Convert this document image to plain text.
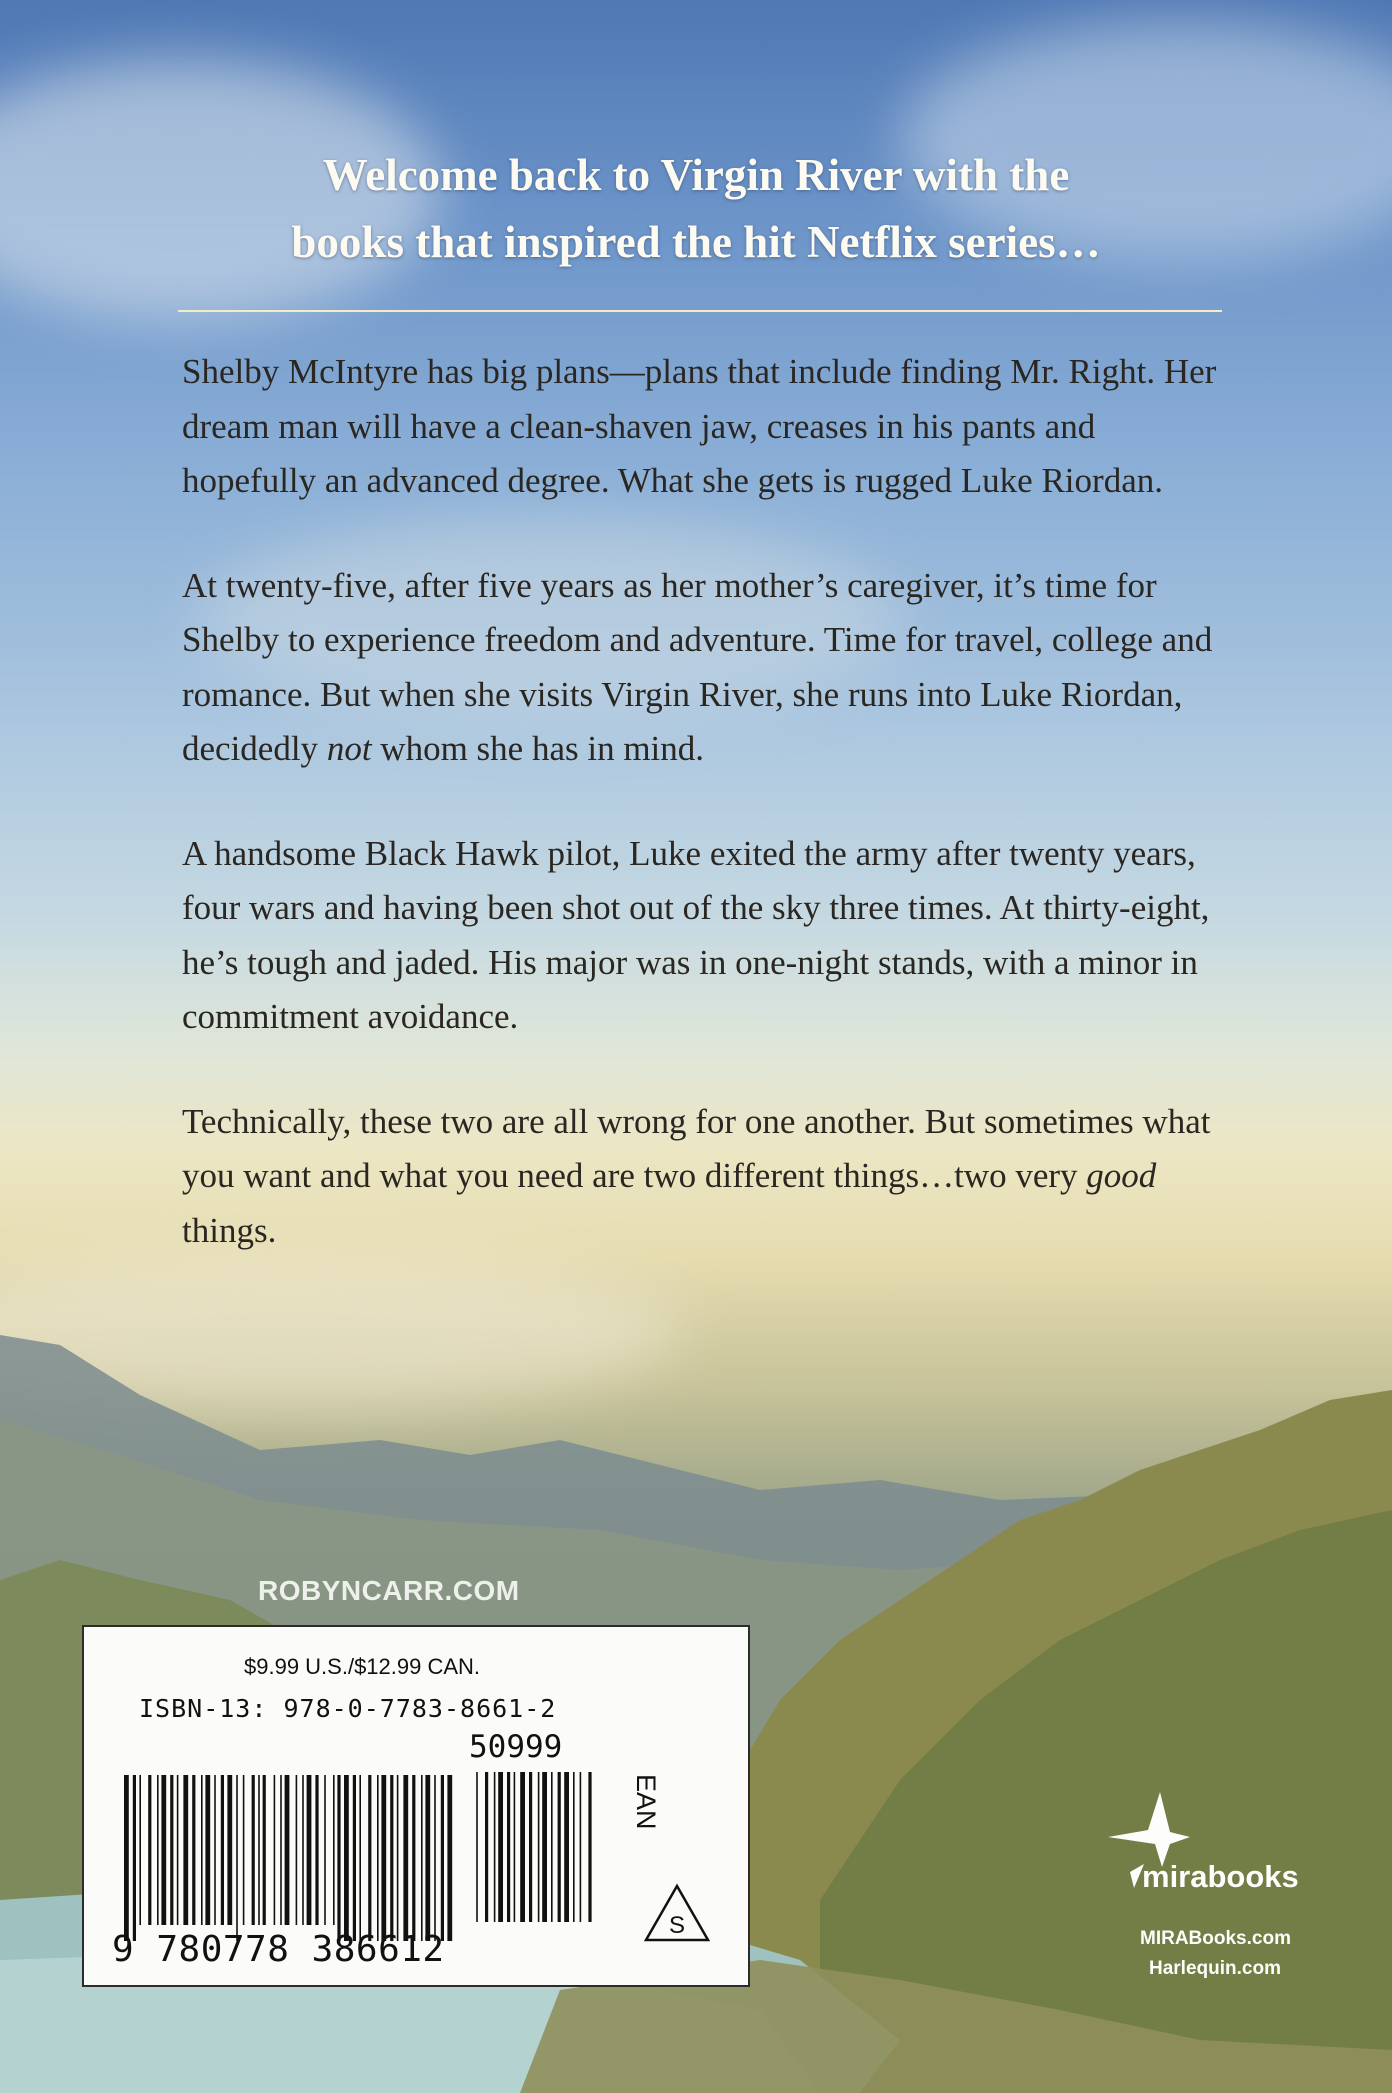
Welcome back to Virgin River with the
books that inspired the hit Netflix series…

Shelby McIntyre has big plans—plans that include finding Mr. Right. Her dream man will have a clean-shaven jaw, creases in his pants and hopefully an advanced degree. What she gets is rugged Luke Riordan.

At twenty-five, after five years as her mother’s caregiver, it’s time for Shelby to experience freedom and adventure. Time for travel, college and romance. But when she visits Virgin River, she runs into Luke Riordan, decidedly not whom she has in mind.

A handsome Black Hawk pilot, Luke exited the army after twenty years, four wars and having been shot out of the sky three times. At thirty-eight, he’s tough and jaded. His major was in one-night stands, with a minor in commitment avoidance.

Technically, these two are all wrong for one another. But sometimes what you want and what you need are two different things…two very good things.

ROBYNCARR.COM
$9.99 U.S./$12.99 CAN.
ISBN-13: 978-0-7783-8661-2
50999
9 780778 386612
EAN
S
mirabooks
MIRABooks.com
Harlequin.com
